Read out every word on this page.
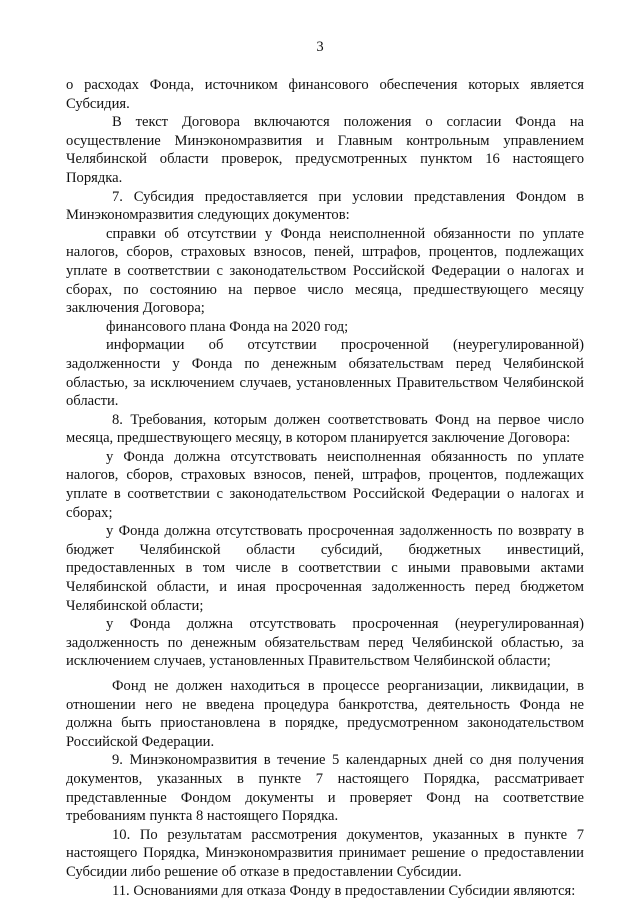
3

о расходах Фонда, источником финансового обеспечения которых является Субсидия.

В текст Договора включаются положения о согласии Фонда на осуществление Минэкономразвития и Главным контрольным управлением Челябинской области проверок, предусмотренных пунктом 16 настоящего Порядка.

7. Субсидия предоставляется при условии представления Фондом в Минэкономразвития следующих документов:

справки об отсутствии у Фонда неисполненной обязанности по уплате налогов, сборов, страховых взносов, пеней, штрафов, процентов, подлежащих уплате в соответствии с законодательством Российской Федерации о налогах и сборах, по состоянию на первое число месяца, предшествующего месяцу заключения Договора;

финансового плана Фонда на 2020 год;

информации об отсутствии просроченной (неурегулированной) задолженности у Фонда по денежным обязательствам перед Челябинской областью, за исключением случаев, установленных Правительством Челябинской области.

8. Требования, которым должен соответствовать Фонд на первое число месяца, предшествующего месяцу, в котором планируется заключение Договора:

у Фонда должна отсутствовать неисполненная обязанность по уплате налогов, сборов, страховых взносов, пеней, штрафов, процентов, подлежащих уплате в соответствии с законодательством Российской Федерации о налогах и сборах;

у Фонда должна отсутствовать просроченная задолженность по возврату в бюджет Челябинской области субсидий, бюджетных инвестиций, предоставленных в том числе в соответствии с иными правовыми актами Челябинской области, и иная просроченная задолженность перед бюджетом Челябинской области;

у Фонда должна отсутствовать просроченная (неурегулированная) задолженность по денежным обязательствам перед Челябинской областью, за исключением случаев, установленных Правительством Челябинской области;

Фонд не должен находиться в процессе реорганизации, ликвидации, в отношении него не введена процедура банкротства, деятельность Фонда не должна быть приостановлена в порядке, предусмотренном законодательством Российской Федерации.

9. Минэкономразвития в течение 5 календарных дней со дня получения документов, указанных в пункте 7 настоящего Порядка, рассматривает представленные Фондом документы и проверяет Фонд на соответствие требованиям пункта 8 настоящего Порядка.

10. По результатам рассмотрения документов, указанных в пункте 7 настоящего Порядка, Минэкономразвития принимает решение о предоставлении Субсидии либо решение об отказе в предоставлении Субсидии.

11. Основаниями для отказа Фонду в предоставлении Субсидии являются:
